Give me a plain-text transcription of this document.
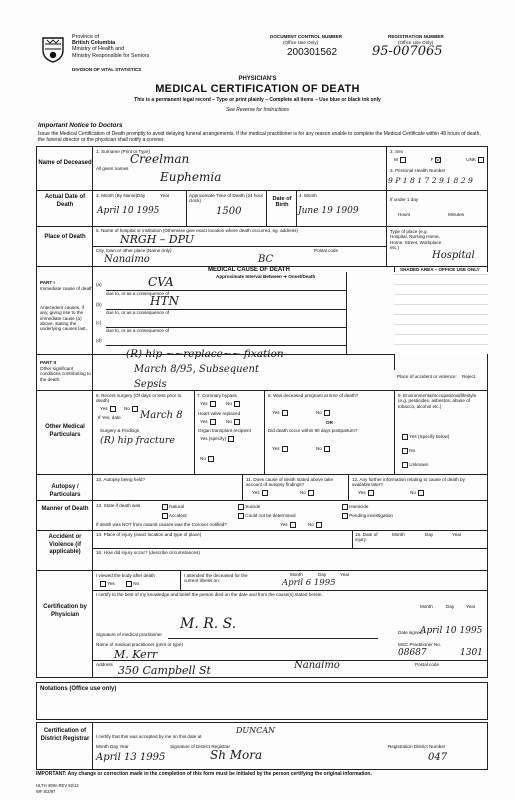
Province of
British Columbia
Ministry of Health and
Ministry Responsible for Seniors
DIVISION OF VITAL STATISTICS
DOCUMENT CONTROL NUMBER
(Office Use Only)
200301562
REGISTRATION NUMBER
(Office Use Only)
95-007065
PHYSICIAN'S
MEDICAL CERTIFICATION OF DEATH
This is a permanent legal record – Type or print plainly – Complete all items – Use blue or black ink only
See Reverse for Instructions
Important Notice to Doctors
Issue the Medical Certification of Death promptly to avoid delaying funeral arrangements. If the medical practitioner is for any reason unable to complete the Medical Certificate within 48 hours of death, the funeral director or the physician shall notify a coroner.
Name of Deceased
1. Surname (Print or Type)
Creelman
All given names
Euphemia
2. Sex
M	F	UNK
3. Personal Health Number
9 P 1 8 1 7 2 9 1 8 2 9
Actual Date of Death
3. Month (By Name) Day	Year
April 10 1995
Approximate Time of Death (24 hour clock)
1500
Date of Birth
4. Month
June 19 1909
If under 1 day
Hours	Minutes
Place of Death
5. Name of hospital or institution (Otherwise give exact location where death occurred, eg. address)
NRGH – DPU
City, town or other place (Name only)
Nanaimo	BC
Postal code
Type of place (e.g. Hospital, Nursing Home, Home, Street, Workplace etc.)
Hospital
MEDICAL CAUSE OF DEATH	SHADED AREA – OFFICE USE ONLY
Approximate Interval Between ➜ Onset/Death
PART I
Immediate cause of death
Antecedent causes, if any, giving rise to the immediate cause (a) above, stating the underlying causes last.
(a)	CVA
due to, or as a consequence of
(b)	HTN
due to, or as a consequence of
(c)
due to, or as a consequence of
(d)
PART II
Other significant conditions contributing to the death.
(R) hip ~~replace~~ fixation
March 8/95, Subsequent
Sepsis
Place of accident or violence: Reject.
Other Medical Particulars
6. Recent surgery (Of days or less prior to death)
Yes	No
If Yes, date March 8
Surgery & Findings
(R) hip fracture
7. Coronary bypass
Yes	No
Heart valve replaced
Yes	No
Organ transplant recipient
Yes (specify)
No
8. Was deceased pregnant at time of death?
Yes	No
OR
Did death occur within 90 days postpartum?
Yes	No
9. Environmental/occupational/lifestyle (e.g. pesticides, asbestos, abuse of tobacco, alcohol etc.)
Yes (Specify below)
No
Unknown
Autopsy / Particulars
10. Autopsy being held?	11. Does cause of death stated above take account of autopsy findings?
Yes	No
12. Any further information relating to cause of death by available later?
Yes	No
Manner of Death
13. State if death was	Natural	Suicide	Homicide
Accident	Could not be determined	Pending investigation
If death was NOT from natural causes was the Coroner notified?	Yes	No
Accident or Violence (if applicable)
14. Place of injury (exact location and type of place)	15. Date of injury
Month	Day	Year
16. How did injury occur? (describe circumstances)
Certification by Physician
I viewed the body after death
Yes	No
I attended the deceased for the current illness on:
Month	Day	Year
April 6 1995
I certify to the best of my knowledge and belief the person died on the date and from the cause(s) stated herein.
M. R. S.
Signature of medical practitioner	Date signed
Month	Day	Year
April 10 1995
Name of medical practitioner (print or type)
M. Kerr
MSC Practitioner No.
08687	1301
Address 350 Campbell St	Nanaimo	Postal code
Notations (Office use only)
Certification of District Registrar	I certify that this was accepted by me on this date at
DUNCAN
Month Day Year
April 13 1995
Signature of District Registrar
Sh Mora
Registration District Number
047
IMPORTANT: Any change or correction made in the completion of this form must be initialed by the person certifying the original information.
HLTH 408A REV 92/12
WF 8/2/97
